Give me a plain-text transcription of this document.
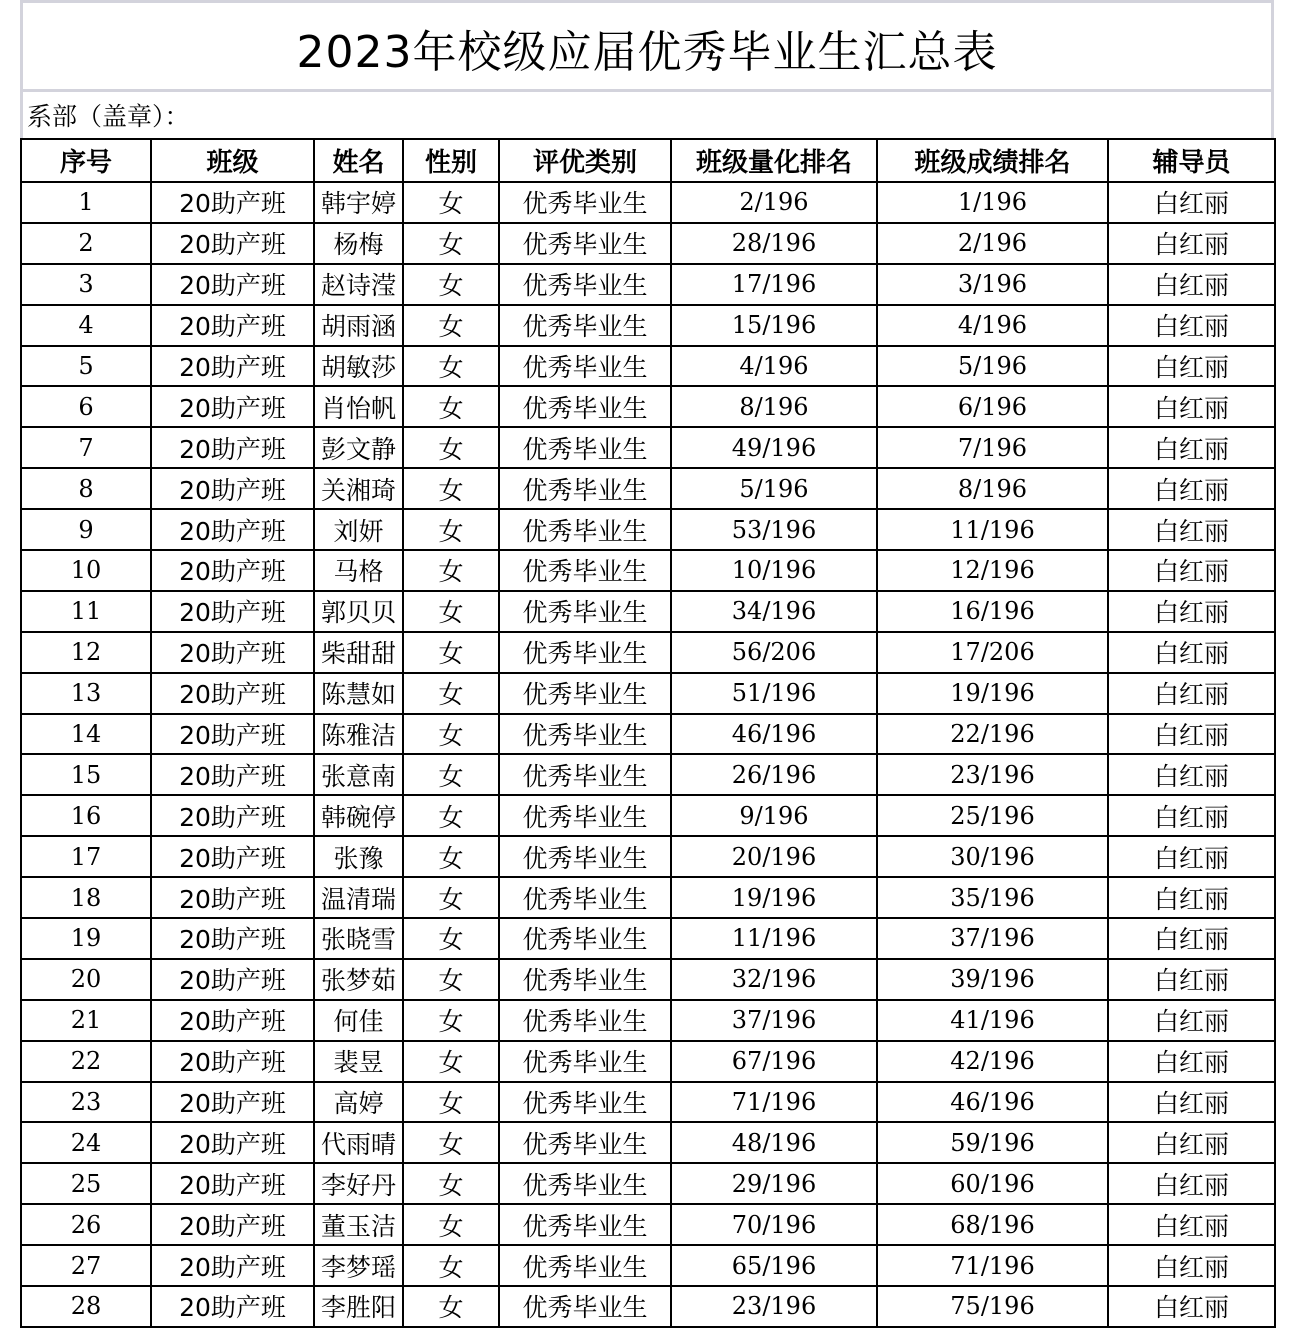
2023年校级应届优秀毕业生汇总表
系部（盖章）：
序号	班级	姓名	性别	评优类别	班级量化排名	班级成绩排名	辅导员
1	20助产班	韩宇婷	女	优秀毕业生	2/196	1/196	白红丽
2	20助产班	杨梅	女	优秀毕业生	28/196	2/196	白红丽
3	20助产班	赵诗滢	女	优秀毕业生	17/196	3/196	白红丽
4	20助产班	胡雨涵	女	优秀毕业生	15/196	4/196	白红丽
5	20助产班	胡敏莎	女	优秀毕业生	4/196	5/196	白红丽
6	20助产班	肖怡帆	女	优秀毕业生	8/196	6/196	白红丽
7	20助产班	彭文静	女	优秀毕业生	49/196	7/196	白红丽
8	20助产班	关湘琦	女	优秀毕业生	5/196	8/196	白红丽
9	20助产班	刘妍	女	优秀毕业生	53/196	11/196	白红丽
10	20助产班	马格	女	优秀毕业生	10/196	12/196	白红丽
11	20助产班	郭贝贝	女	优秀毕业生	34/196	16/196	白红丽
12	20助产班	柴甜甜	女	优秀毕业生	56/206	17/206	白红丽
13	20助产班	陈慧如	女	优秀毕业生	51/196	19/196	白红丽
14	20助产班	陈雅洁	女	优秀毕业生	46/196	22/196	白红丽
15	20助产班	张意南	女	优秀毕业生	26/196	23/196	白红丽
16	20助产班	韩碗停	女	优秀毕业生	9/196	25/196	白红丽
17	20助产班	张豫	女	优秀毕业生	20/196	30/196	白红丽
18	20助产班	温清瑞	女	优秀毕业生	19/196	35/196	白红丽
19	20助产班	张晓雪	女	优秀毕业生	11/196	37/196	白红丽
20	20助产班	张梦茹	女	优秀毕业生	32/196	39/196	白红丽
21	20助产班	何佳	女	优秀毕业生	37/196	41/196	白红丽
22	20助产班	裴昱	女	优秀毕业生	67/196	42/196	白红丽
23	20助产班	高婷	女	优秀毕业生	71/196	46/196	白红丽
24	20助产班	代雨晴	女	优秀毕业生	48/196	59/196	白红丽
25	20助产班	李好丹	女	优秀毕业生	29/196	60/196	白红丽
26	20助产班	董玉洁	女	优秀毕业生	70/196	68/196	白红丽
27	20助产班	李梦瑶	女	优秀毕业生	65/196	71/196	白红丽
28	20助产班	李胜阳	女	优秀毕业生	23/196	75/196	白红丽
